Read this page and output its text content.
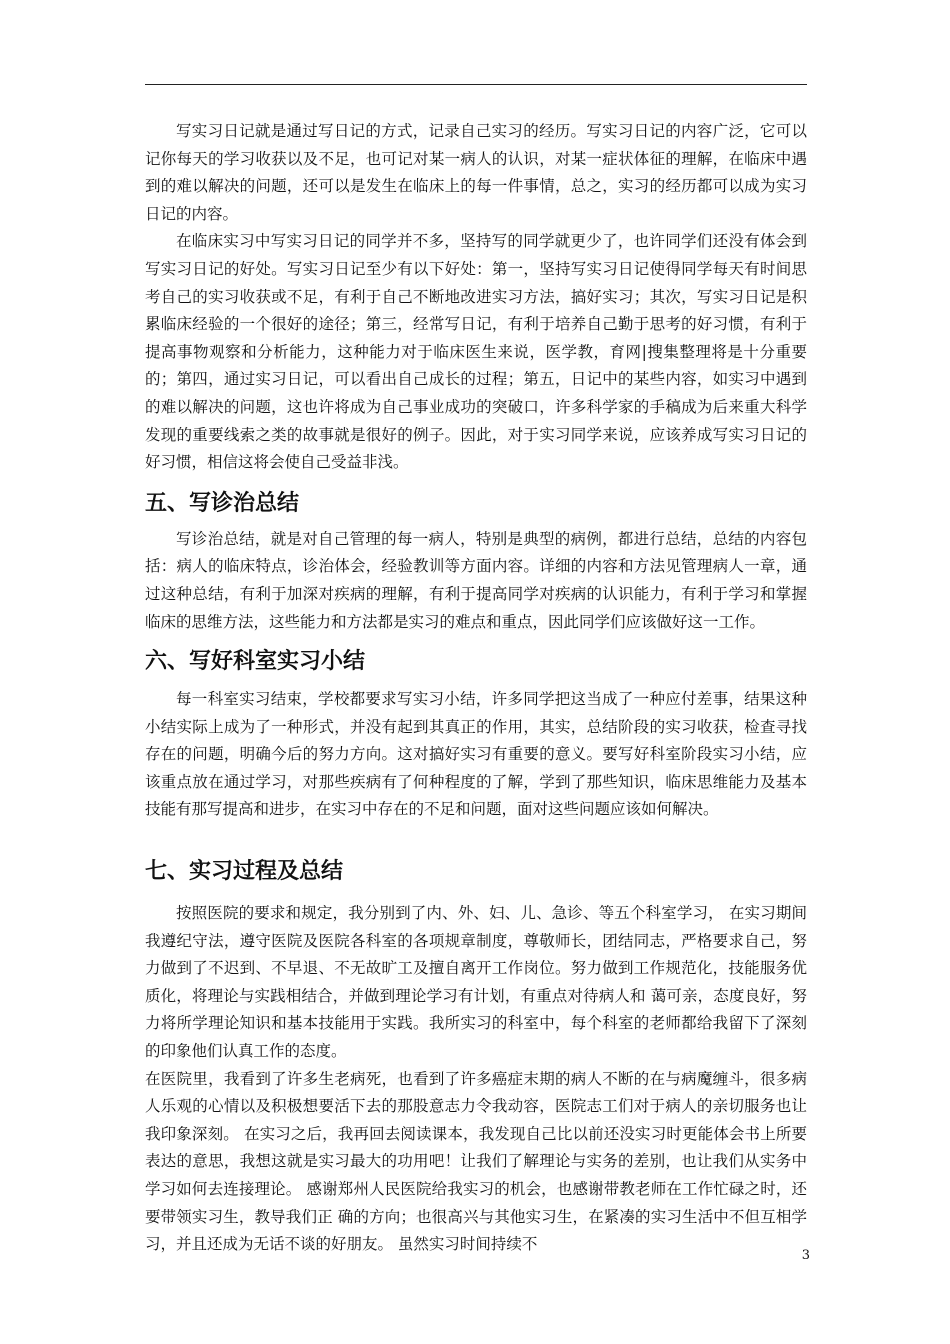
写实习日记就是通过写日记的方式，记录自己实习的经历。写实习日记的内容广泛，它可以记你每天的学习收获以及不足，也可记对某一病人的认识，对某一症状体征的理解，在临床中遇到的难以解决的问题，还可以是发生在临床上的每一件事情，总之，实习的经历都可以成为实习日记的内容。

在临床实习中写实习日记的同学并不多，坚持写的同学就更少了，也许同学们还没有体会到写实习日记的好处。写实习日记至少有以下好处：第一，坚持写实习日记使得同学每天有时间思考自己的实习收获或不足，有利于自己不断地改进实习方法，搞好实习；其次，写实习日记是积累临床经验的一个很好的途径；第三，经常写日记，有利于培养自己勤于思考的好习惯，有利于提高事物观察和分析能力，这种能力对于临床医生来说，医学教，育网|搜集整理将是十分重要的；第四，通过实习日记，可以看出自己成长的过程；第五，日记中的某些内容，如实习中遇到的难以解决的问题，这也许将成为自己事业成功的突破口，许多科学家的手稿成为后来重大科学发现的重要线索之类的故事就是很好的例子。因此，对于实习同学来说，应该养成写实习日记的好习惯，相信这将会使自己受益非浅。

五、写诊治总结

写诊治总结，就是对自己管理的每一病人，特别是典型的病例，都进行总结，总结的内容包括：病人的临床特点，诊治体会，经验教训等方面内容。详细的内容和方法见管理病人一章，通过这种总结，有利于加深对疾病的理解，有利于提高同学对疾病的认识能力，有利于学习和掌握临床的思维方法，这些能力和方法都是实习的难点和重点，因此同学们应该做好这一工作。

六、写好科室实习小结

每一科室实习结束，学校都要求写实习小结，许多同学把这当成了一种应付差事，结果这种小结实际上成为了一种形式，并没有起到其真正的作用，其实，总结阶段的实习收获，检查寻找存在的问题，明确今后的努力方向。这对搞好实习有重要的意义。要写好科室阶段实习小结，应该重点放在通过学习，对那些疾病有了何种程度的了解，学到了那些知识，临床思维能力及基本技能有那写提高和进步，在实习中存在的不足和问题，面对这些问题应该如何解决。

七、实习过程及总结

按照医院的要求和规定，我分别到了内、外、妇、儿、急诊、等五个科室学习， 在实习期间我遵纪守法，遵守医院及医院各科室的各项规章制度，尊敬师长，团结同志，严格要求自己，努力做到了不迟到、不早退、不无故旷工及擅自离开工作岗位。努力做到工作规范化，技能服务优质化，将理论与实践相结合，并做到理论学习有计划，有重点对待病人和 蔼可亲，态度良好，努力将所学理论知识和基本技能用于实践。我所实习的科室中，每个科室的老师都给我留下了深刻的印象他们认真工作的态度。

在医院里，我看到了许多生老病死，也看到了许多癌症末期的病人不断的在与病魔缠斗，很多病人乐观的心情以及积极想要活下去的那股意志力令我动容，医院志工们对于病人的亲切服务也让我印象深刻。 在实习之后，我再回去阅读课本，我发现自己比以前还没实习时更能体会书上所要表达的意思，我想这就是实习最大的功用吧！让我们了解理论与实务的差别，也让我们从实务中学习如何去连接理论。 感谢郑州人民医院给我实习的机会，也感谢带教老师在工作忙碌之时，还要带领实习生，教导我们正 确的方向；也很高兴与其他实习生，在紧凑的实习生活中不但互相学习，并且还成为无话不谈的好朋友。 虽然实习时间持续不

3
